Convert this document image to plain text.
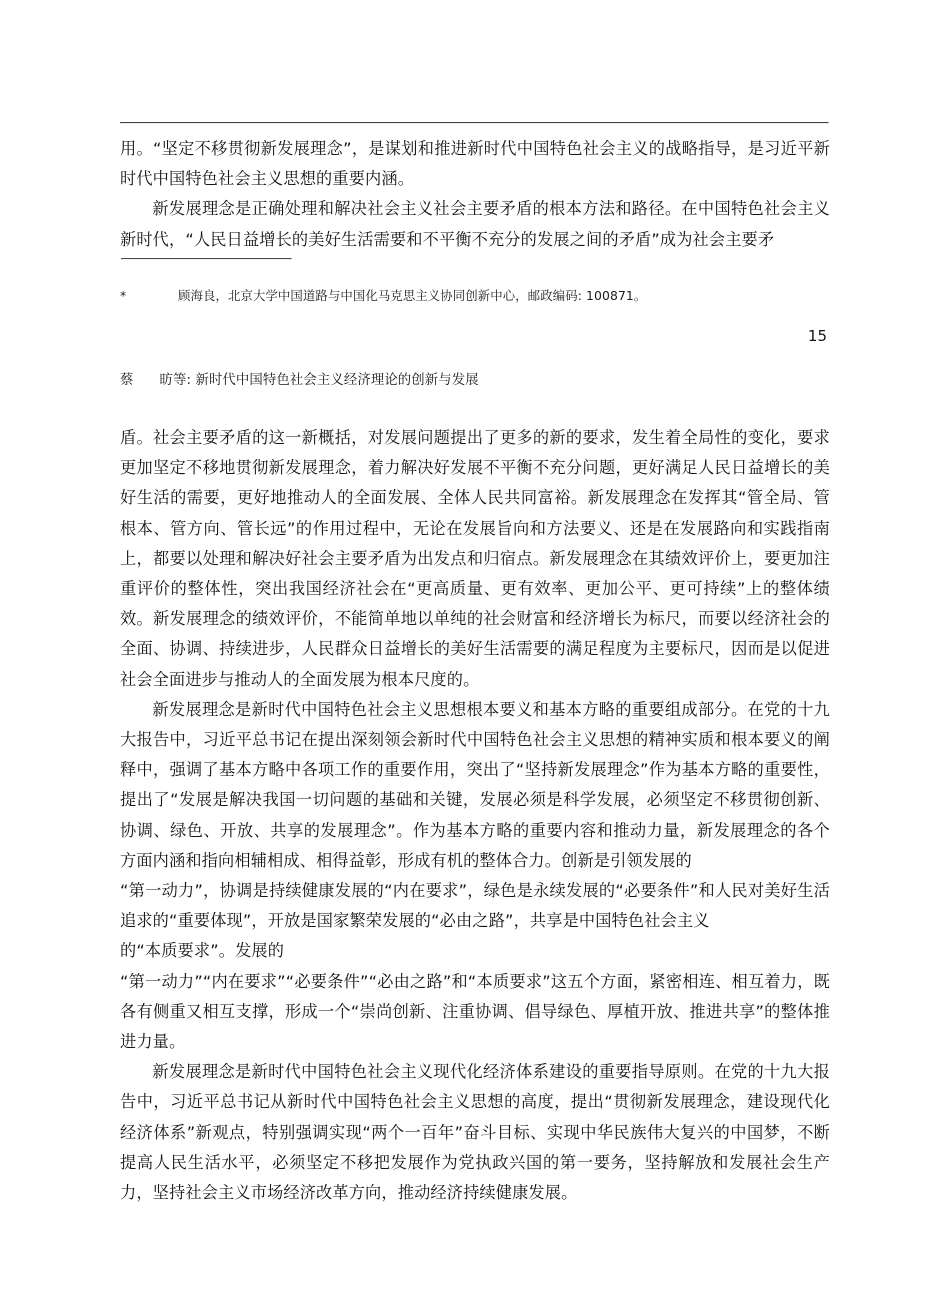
用。“坚定不移贯彻新发展理念”，是谋划和推进新时代中国特色社会主义的战略指导，是习近平新时代中国特色社会主义思想的重要内涵。

新发展理念是正确处理和解决社会主义社会主要矛盾的根本方法和路径。在中国特色社会主义新时代，“人民日益增长的美好生活需要和不平衡不充分的发展之间的矛盾”成为社会主要矛

*	顾海良，北京大学中国道路与中国化马克思主义协同创新中心，邮政编码: 100871。
15
蔡 昉等: 新时代中国特色社会主义经济理论的创新与发展

盾。社会主要矛盾的这一新概括，对发展问题提出了更多的新的要求，发生着全局性的变化，要求更加坚定不移地贯彻新发展理念，着力解决好发展不平衡不充分问题，更好满足人民日益增长的美好生活的需要，更好地推动人的全面发展、全体人民共同富裕。新发展理念在发挥其“管全局、管根本、管方向、管长远”的作用过程中，无论在发展旨向和方法要义、还是在发展路向和实践指南上，都要以处理和解决好社会主要矛盾为出发点和归宿点。新发展理念在其绩效评价上，要更加注重评价的整体性，突出我国经济社会在“更高质量、更有效率、更加公平、更可持续”上的整体绩效。新发展理念的绩效评价，不能简单地以单纯的社会财富和经济增长为标尺，而要以经济社会的全面、协调、持续进步，人民群众日益增长的美好生活需要的满足程度为主要标尺，因而是以促进社会全面进步与推动人的全面发展为根本尺度的。

新发展理念是新时代中国特色社会主义思想根本要义和基本方略的重要组成部分。在党的十九大报告中，习近平总书记在提出深刻领会新时代中国特色社会主义思想的精神实质和根本要义的阐释中，强调了基本方略中各项工作的重要作用，突出了“坚持新发展理念”作为基本方略的重要性，提出了“发展是解决我国一切问题的基础和关键，发展必须是科学发展，必须坚定不移贯彻创新、协调、绿色、开放、共享的发展理念”。作为基本方略的重要内容和推动力量，新发展理念的各个方面内涵和指向相辅相成、相得益彰，形成有机的整体合力。创新是引领发展的

“第一动力”，协调是持续健康发展的“内在要求”，绿色是永续发展的“必要条件”和人民对美好生活追求的“重要体现”，开放是国家繁荣发展的“必由之路”，共享是中国特色社会主义

的“本质要求”。发展的

“第一动力”“内在要求”“必要条件”“必由之路”和“本质要求”这五个方面，紧密相连、相互着力，既各有侧重又相互支撑，形成一个“崇尚创新、注重协调、倡导绿色、厚植开放、推进共享”的整体推进力量。

新发展理念是新时代中国特色社会主义现代化经济体系建设的重要指导原则。在党的十九大报告中，习近平总书记从新时代中国特色社会主义思想的高度，提出“贯彻新发展理念，建设现代化经济体系”新观点，特别强调实现“两个一百年”奋斗目标、实现中华民族伟大复兴的中国梦，不断提高人民生活水平，必须坚定不移把发展作为党执政兴国的第一要务，坚持解放和发展社会生产力，坚持社会主义市场经济改革方向，推动经济持续健康发展。
